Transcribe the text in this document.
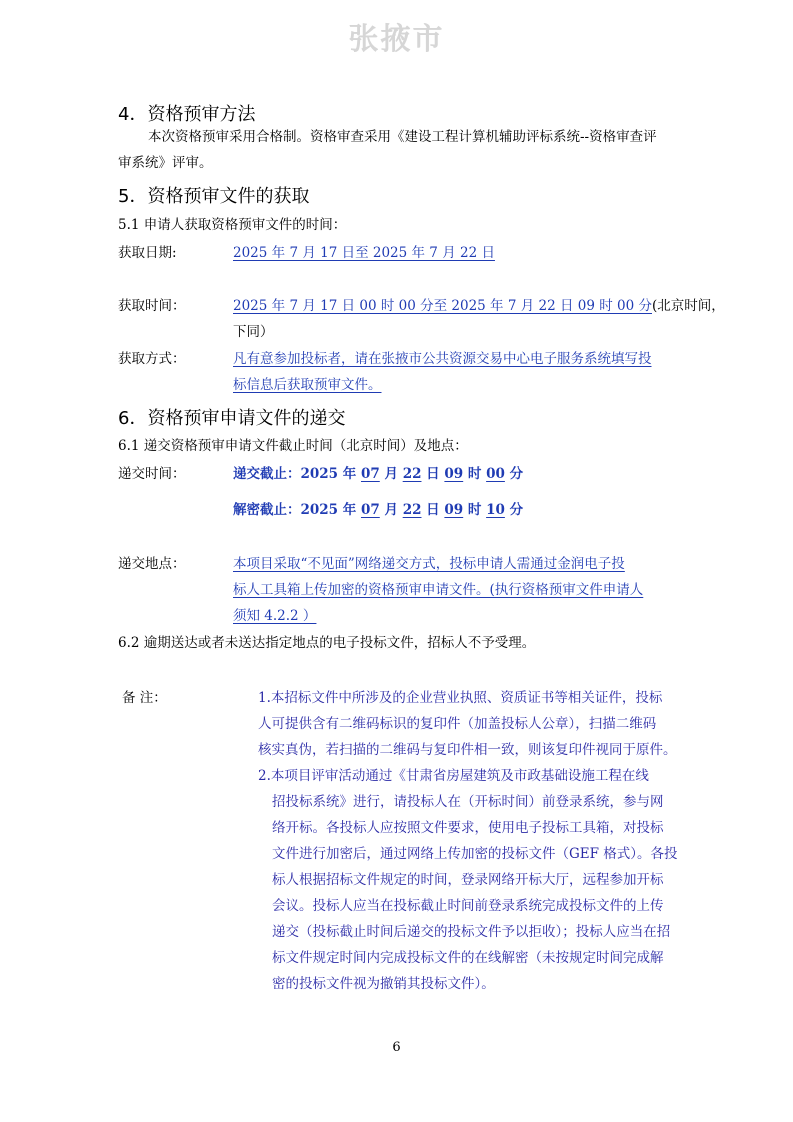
张掖市
4．资格预审方法
本次资格预审采用合格制。资格审查采用《建设工程计算机辅助评标系统--资格审查评
审系统》评审。
5．资格预审文件的获取
5.1 申请人获取资格预审文件的时间：
获取日期:	2025 年 7 月 17 日至 2025 年 7 月 22 日
获取时间：	2025 年 7 月 17 日 00 时 00 分至 2025 年 7 月 22 日 09 时 00 分(北京时间，
下同）
获取方式：	凡有意参加投标者，请在张掖市公共资源交易中心电子服务系统填写投
标信息后获取预审文件。
6．资格预审申请文件的递交
6.1 递交资格预审申请文件截止时间（北京时间）及地点：
递交时间：	递交截止：2025 年 07 月 22 日 09 时 00 分
解密截止：2025 年 07 月 22 日 09 时 10 分
递交地点：	本项目采取“不见面”网络递交方式，投标申请人需通过金润电子投
标人工具箱上传加密的资格预审申请文件。(执行资格预审文件申请人
须知 4.2.2 ）
6.2 逾期送达或者未送达指定地点的电子投标文件，招标人不予受理。
备 注：	1.本招标文件中所涉及的企业营业执照、资质证书等相关证件，投标
人可提供含有二维码标识的复印件（加盖投标人公章），扫描二维码
核实真伪，若扫描的二维码与复印件相一致，则该复印件视同于原件。
2.本项目评审活动通过《甘肃省房屋建筑及市政基础设施工程在线
招投标系统》进行，请投标人在（开标时间）前登录系统，参与网
络开标。各投标人应按照文件要求，使用电子投标工具箱，对投标
文件进行加密后，通过网络上传加密的投标文件（GEF 格式）。各投
标人根据招标文件规定的时间，登录网络开标大厅，远程参加开标
会议。投标人应当在投标截止时间前登录系统完成投标文件的上传
递交（投标截止时间后递交的投标文件予以拒收）；投标人应当在招
标文件规定时间内完成投标文件的在线解密（未按规定时间完成解
密的投标文件视为撤销其投标文件）。
6
